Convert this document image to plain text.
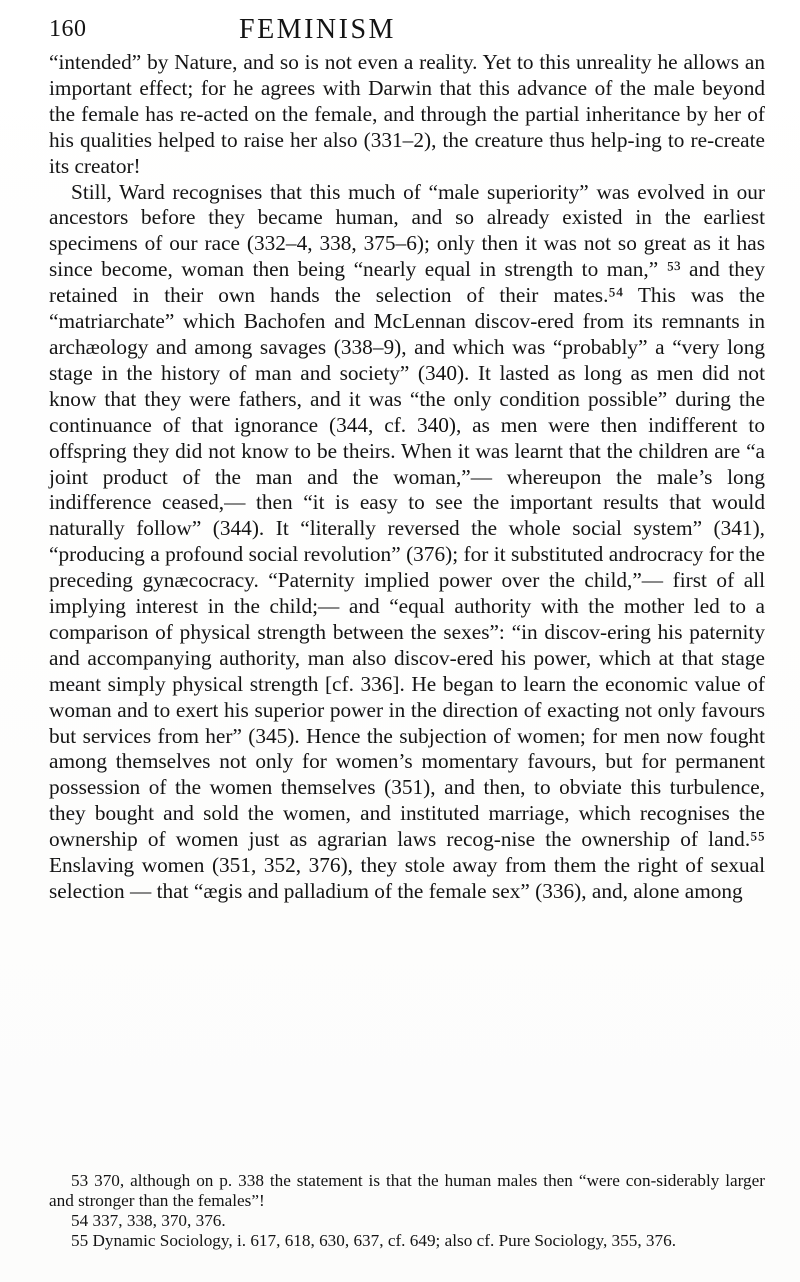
160	FEMINISM

“intended” by Nature, and so is not even a reality. Yet to this unreality he allows an important effect; for he agrees with Darwin that this advance of the male beyond the female has re-acted on the female, and through the partial inheritance by her of his qualities helped to raise her also (331–2), the creature thus help-ing to re-create its creator!

Still, Ward recognises that this much of “male superiority” was evolved in our ancestors before they became human, and so already existed in the earliest specimens of our race (332–4, 338, 375–6); only then it was not so great as it has since become, woman then being “nearly equal in strength to man,” ⁵³ and they retained in their own hands the selection of their mates.⁵⁴ This was the “matriarchate” which Bachofen and McLennan discov-ered from its remnants in archæology and among savages (338–9), and which was “probably” a “very long stage in the history of man and society” (340). It lasted as long as men did not know that they were fathers, and it was “the only condition possible” during the continuance of that ignorance (344, cf. 340), as men were then indifferent to offspring they did not know to be theirs. When it was learnt that the children are “a joint product of the man and the woman,”— whereupon the male’s long indifference ceased,— then “it is easy to see the important results that would naturally follow” (344). It “literally reversed the whole social system” (341), “producing a profound social revolution” (376); for it substituted androcracy for the preceding gynæcocracy. “Paternity implied power over the child,”— first of all implying interest in the child;— and “equal authority with the mother led to a comparison of physical strength between the sexes”: “in discov-ering his paternity and accompanying authority, man also discov-ered his power, which at that stage meant simply physical strength [cf. 336]. He began to learn the economic value of woman and to exert his superior power in the direction of exacting not only favours but services from her” (345). Hence the subjection of women; for men now fought among themselves not only for women’s momentary favours, but for permanent possession of the women themselves (351), and then, to obviate this turbulence, they bought and sold the women, and instituted marriage, which recognises the ownership of women just as agrarian laws recog-nise the ownership of land.⁵⁵ Enslaving women (351, 352, 376), they stole away from them the right of sexual selection — that “ægis and palladium of the female sex” (336), and, alone among

53 370, although on p. 338 the statement is that the human males then “were con-siderably larger and stronger than the females”!

54 337, 338, 370, 376.

55 Dynamic Sociology, i. 617, 618, 630, 637, cf. 649; also cf. Pure Sociology, 355, 376.
